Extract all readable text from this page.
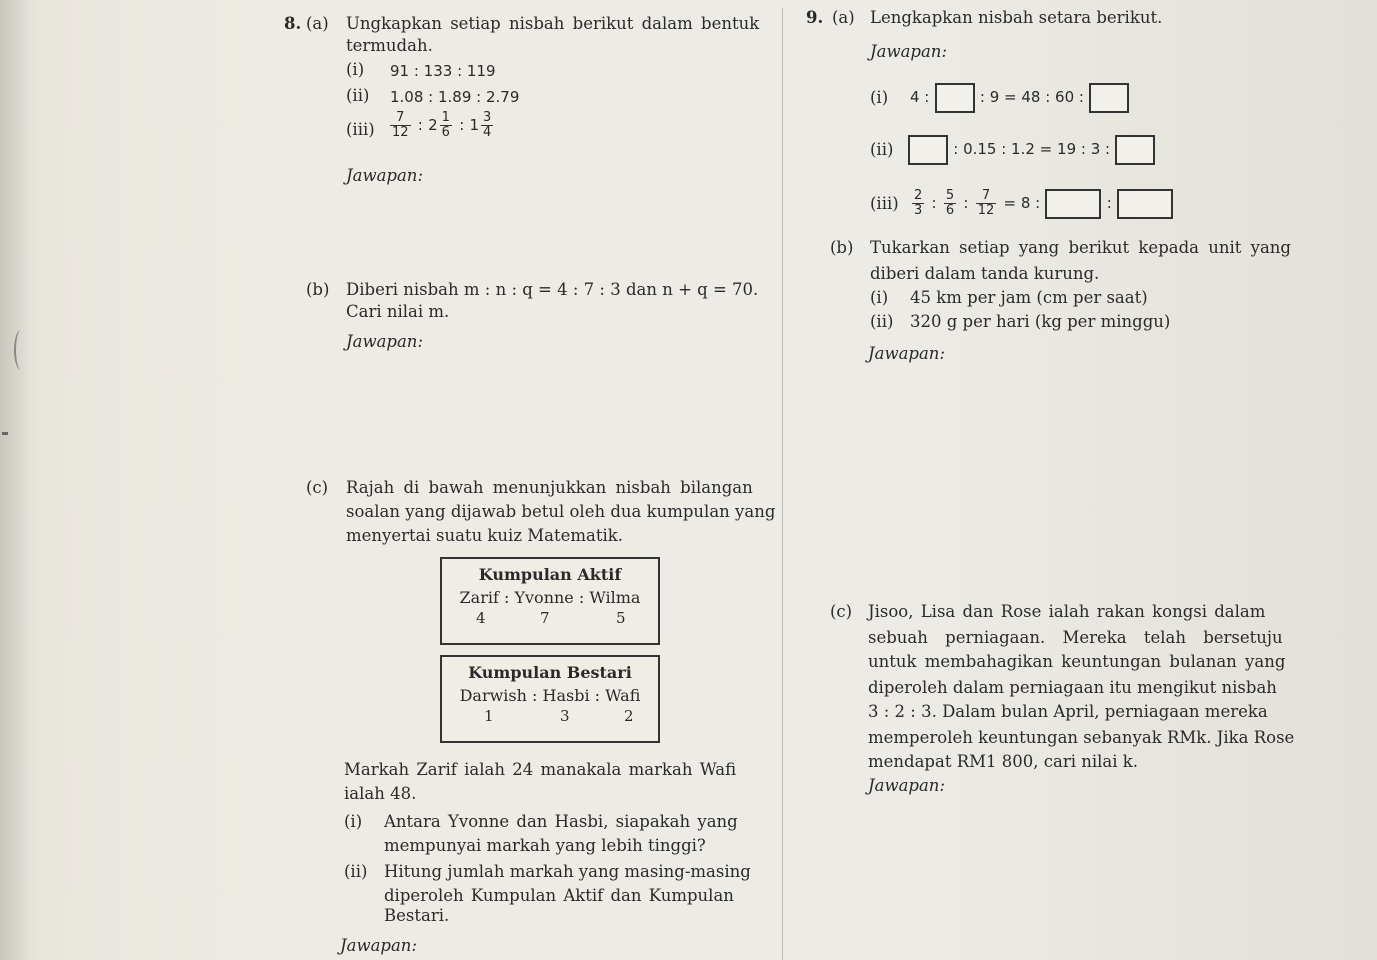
8. (a) Ungkapkan setiap nisbah berikut dalam bentuk
termudah.
(i) 91 : 133 : 119
(ii) 1.08 : 1.89 : 2.79
$(iii) \frac{7}{12}$ : $2 \frac{1}{6}$ : $1 \frac{3}{4}$
Jawapan:
(b) Diberi nisbah m : n : q = 4 : 7 : 3 dan n + q = 70.
Cari nilai m.
Jawapan:
(c) Rajah di bawah menunjukkan nisbah bilangan
soalan yang dijawab betul oleh dua kumpulan yang
menyertai suatu kuiz Matematik.
Kumpulan Aktif
Zarif : Yvonne : Wilma
4	7	5
Kumpulan Bestari
Darwish : Hasbi : Wafi
1	3	2
Markah Zarif ialah 24 manakala markah Wafi
ialah 48.
(i) Antara Yvonne dan Hasbi, siapakah yang
mempunyai markah yang lebih tinggi?
(ii) Hitung jumlah markah yang masing-masing
diperoleh Kumpulan Aktif dan Kumpulan
Bestari.
Jawapan:
9. (a) Lengkapkan nisbah setara berikut.
Jawapan:
(i) 4 :	: 9 = 48 : 60 :
(ii)	: 0.15 : 1.2 = 19 : 3 :
$(iii) \frac{2}{3}$ : $\frac{5}{6}$ : $\frac{7}{12} = 8$ :	:
(b) Tukarkan setiap yang berikut kepada unit yang
diberi dalam tanda kurung.
(i) 45 km per jam (cm per saat)
(ii) 320 g per hari (kg per minggu)
Jawapan:
(c) Jisoo, Lisa dan Rose ialah rakan kongsi dalam
sebuah perniagaan. Mereka telah bersetuju
untuk membahagikan keuntungan bulanan yang
diperoleh dalam perniagaan itu mengikut nisbah
3 : 2 : 3. Dalam bulan April, perniagaan mereka
memperoleh keuntungan sebanyak RMk. Jika Rose
mendapat RM1 800, cari nilai k.
Jawapan:
